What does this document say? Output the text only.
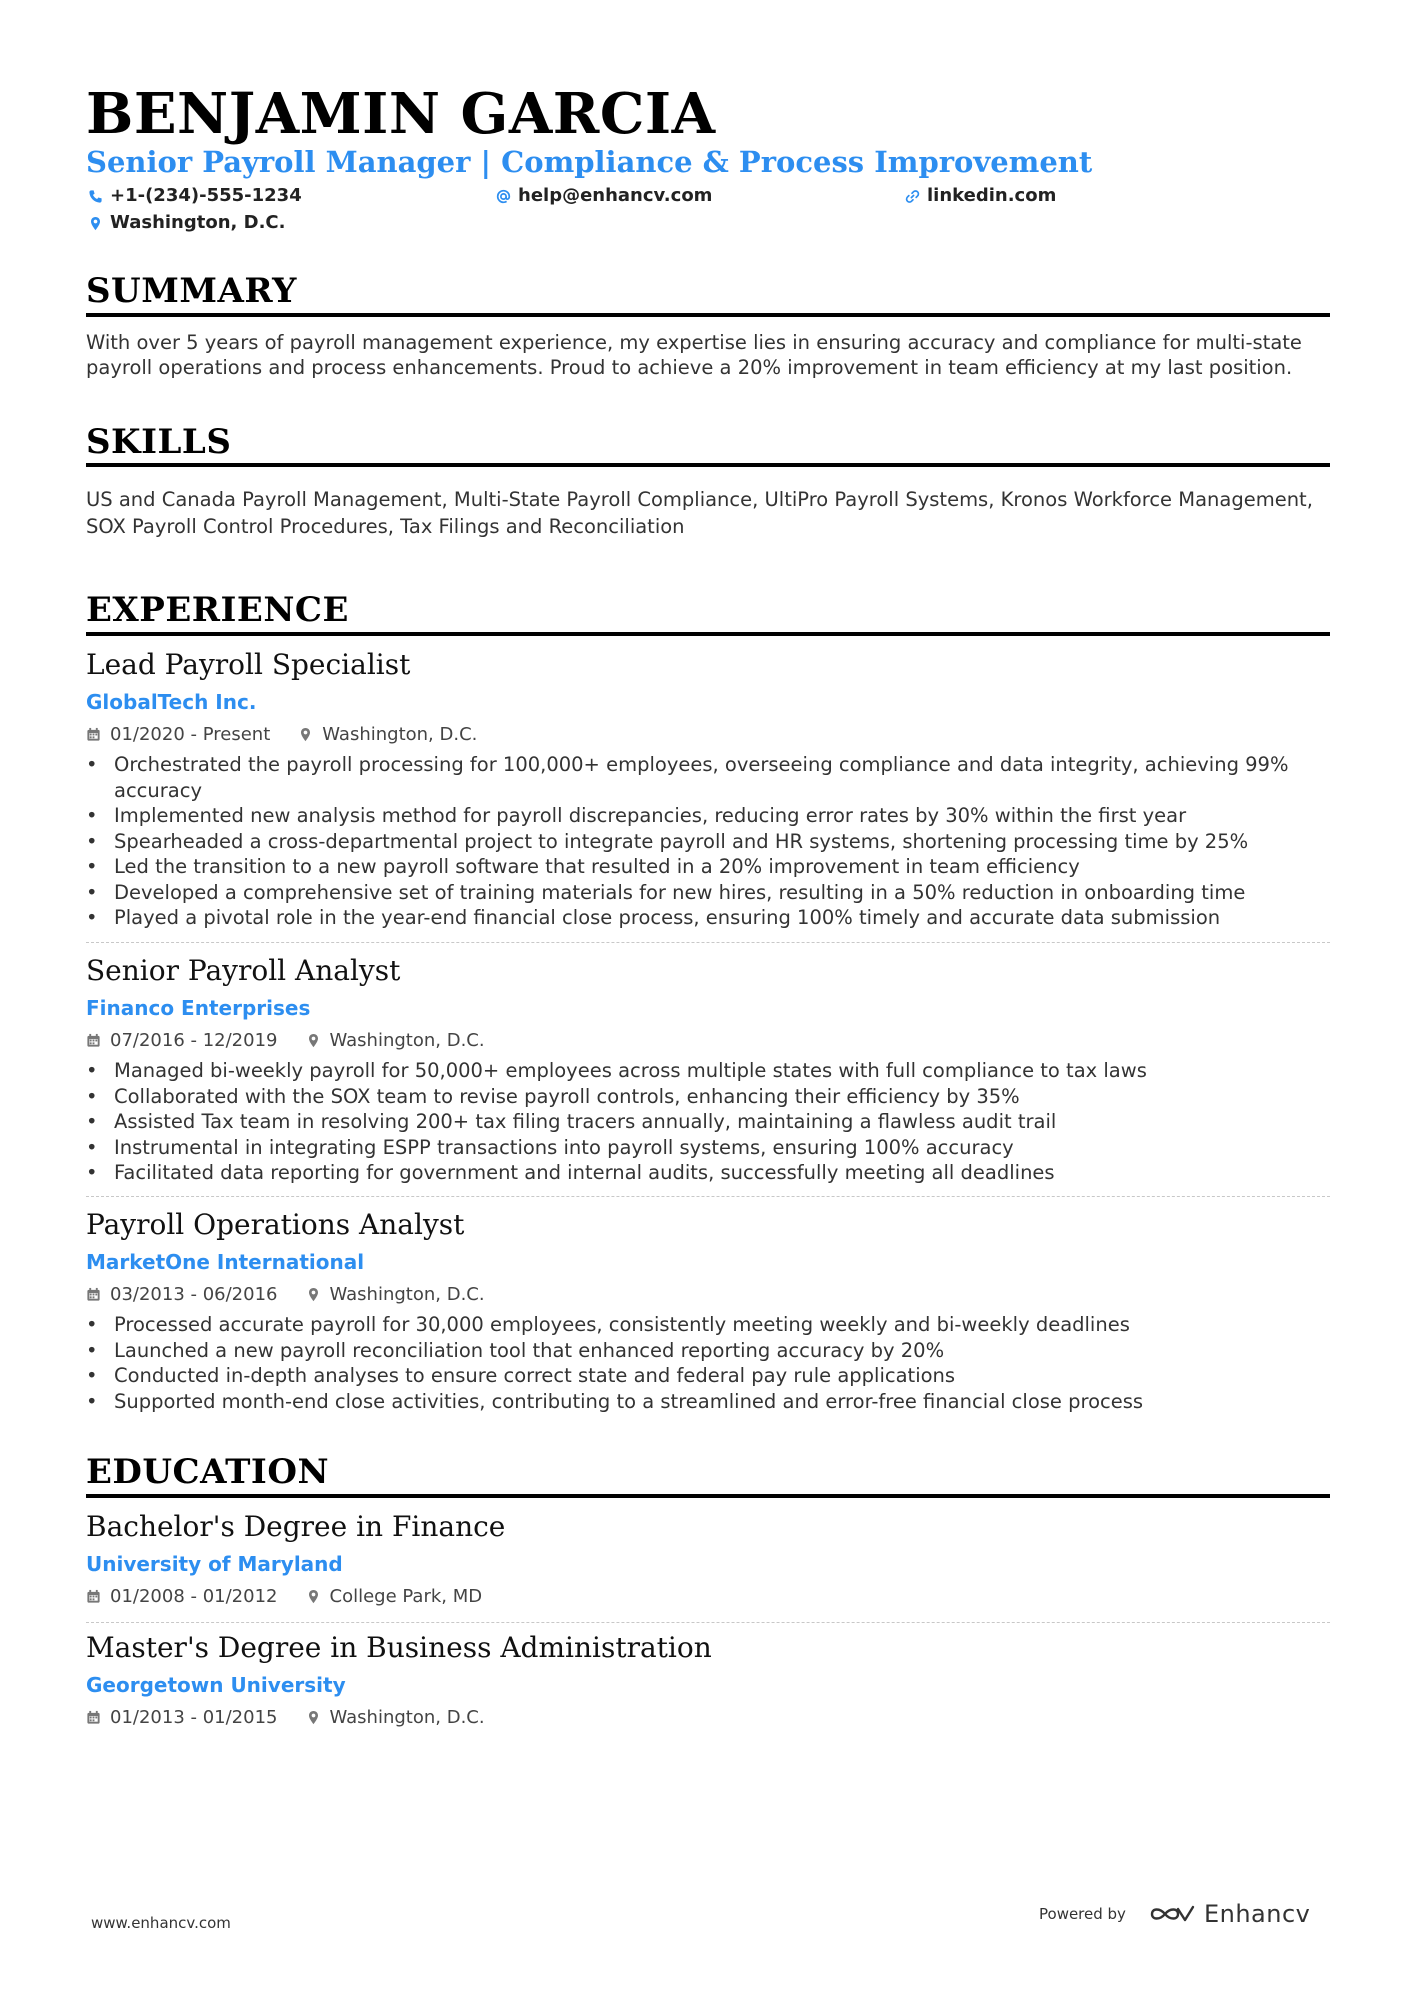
BENJAMIN GARCIA
Senior Payroll Manager | Compliance & Process Improvement
+1-(234)-555-1234	help@enhancv.com	linkedin.com
Washington, D.C.
SUMMARY

With over 5 years of payroll management experience, my expertise lies in ensuring accuracy and compliance for multi-state payroll operations and process enhancements. Proud to achieve a 20% improvement in team efficiency at my last position.

SKILLS

US and Canada Payroll Management, Multi-State Payroll Compliance, UltiPro Payroll Systems, Kronos Workforce Management, SOX Payroll Control Procedures, Tax Filings and Reconciliation

EXPERIENCE
Lead Payroll Specialist
GlobalTech Inc.
01/2020 - Present	Washington, D.C.
• Orchestrated the payroll processing for 100,000+ employees, overseeing compliance and data integrity, achieving 99% accuracy
• Implemented new analysis method for payroll discrepancies, reducing error rates by 30% within the first year
• Spearheaded a cross-departmental project to integrate payroll and HR systems, shortening processing time by 25%
• Led the transition to a new payroll software that resulted in a 20% improvement in team efficiency
• Developed a comprehensive set of training materials for new hires, resulting in a 50% reduction in onboarding time
• Played a pivotal role in the year-end financial close process, ensuring 100% timely and accurate data submission
Senior Payroll Analyst
Financo Enterprises
07/2016 - 12/2019	Washington, D.C.
• Managed bi-weekly payroll for 50,000+ employees across multiple states with full compliance to tax laws
• Collaborated with the SOX team to revise payroll controls, enhancing their efficiency by 35%
• Assisted Tax team in resolving 200+ tax filing tracers annually, maintaining a flawless audit trail
• Instrumental in integrating ESPP transactions into payroll systems, ensuring 100% accuracy
• Facilitated data reporting for government and internal audits, successfully meeting all deadlines
Payroll Operations Analyst
MarketOne International
03/2013 - 06/2016	Washington, D.C.
• Processed accurate payroll for 30,000 employees, consistently meeting weekly and bi-weekly deadlines
• Launched a new payroll reconciliation tool that enhanced reporting accuracy by 20%
• Conducted in-depth analyses to ensure correct state and federal pay rule applications
• Supported month-end close activities, contributing to a streamlined and error-free financial close process
EDUCATION
Bachelor's Degree in Finance
University of Maryland
01/2008 - 01/2012	College Park, MD
Master's Degree in Business Administration
Georgetown University
01/2013 - 01/2015	Washington, D.C.
www.enhancv.com	Powered by	Enhancv
